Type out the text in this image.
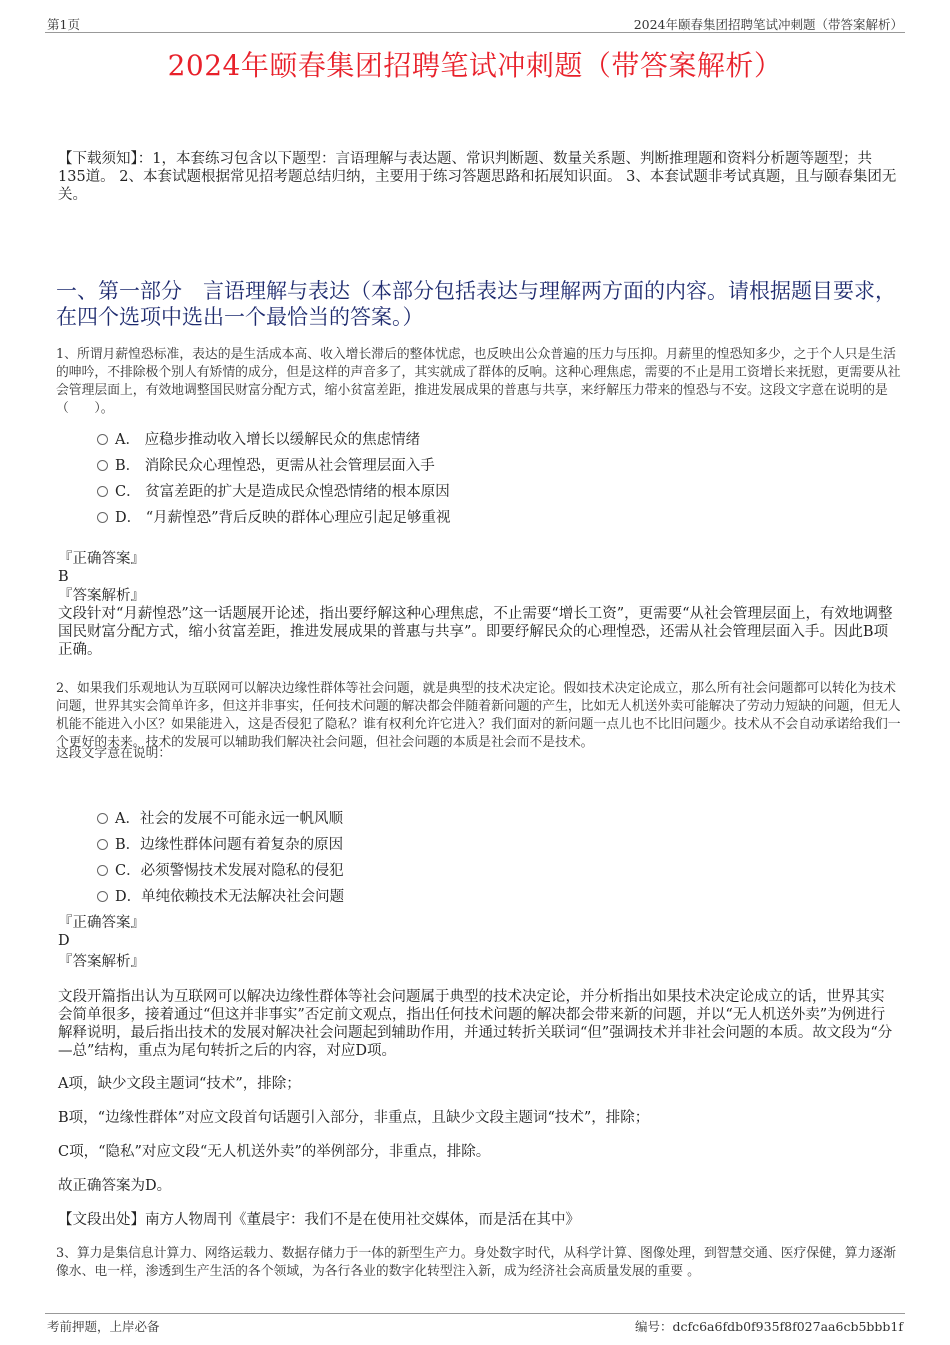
第1页	2024年颐春集团招聘笔试冲刺题（带答案解析）
2024年颐春集团招聘笔试冲刺题（带答案解析）
【下载须知】：1，本套练习包含以下题型：言语理解与表达题、常识判断题、数量关系题、判断推理题和资料分析题等题型；共135道。 2、本套试题根据常见招考题总结归纳，主要用于练习答题思路和拓展知识面。 3、本套试题非考试真题，且与颐春集团无关。
一、第一部分　言语理解与表达（本部分包括表达与理解两方面的内容。请根据题目要求，在四个选项中选出一个最恰当的答案。）
1、所谓月薪惶恐标准，表达的是生活成本高、收入增长滞后的整体忧虑，也反映出公众普遍的压力与压抑。月薪里的惶恐知多少，之于个人只是生活的呻吟，不排除极个别人有矫情的成分，但是这样的声音多了，其实就成了群体的反响。这种心理焦虑，需要的不止是用工资增长来抚慰，更需要从社会管理层面上，有效地调整国民财富分配方式，缩小贫富差距，推进发展成果的普惠与共享，来纾解压力带来的惶恐与不安。这段文字意在说明的是（　　）。
A． 应稳步推动收入增长以缓解民众的焦虑情绪
B． 消除民众心理惶恐，更需从社会管理层面入手
C． 贫富差距的扩大是造成民众惶恐情绪的根本原因
D． “月薪惶恐”背后反映的群体心理应引起足够重视
『正确答案』
B
『答案解析』
文段针对“月薪惶恐”这一话题展开论述，指出要纾解这种心理焦虑，不止需要“增长工资”，更需要“从社会管理层面上，有效地调整国民财富分配方式，缩小贫富差距，推进发展成果的普惠与共享”。即要纾解民众的心理惶恐，还需从社会管理层面入手。因此B项正确。
2、如果我们乐观地认为互联网可以解决边缘性群体等社会问题，就是典型的技术决定论。假如技术决定论成立，那么所有社会问题都可以转化为技术问题，世界其实会简单许多，但这并非事实，任何技术问题的解决都会伴随着新问题的产生，比如无人机送外卖可能解决了劳动力短缺的问题，但无人机能不能进入小区？如果能进入，这是否侵犯了隐私？谁有权利允许它进入？我们面对的新问题一点儿也不比旧问题少。技术从不会自动承诺给我们一个更好的未来。技术的发展可以辅助我们解决社会问题，但社会问题的本质是社会而不是技术。
这段文字意在说明：
A．社会的发展不可能永远一帆风顺
B．边缘性群体问题有着复杂的原因
C．必须警惕技术发展对隐私的侵犯
D．单纯依赖技术无法解决社会问题
『正确答案』
D
『答案解析』
文段开篇指出认为互联网可以解决边缘性群体等社会问题属于典型的技术决定论，并分析指出如果技术决定论成立的话，世界其实会简单很多，接着通过“但这并非事实”否定前文观点，指出任何技术问题的解决都会带来新的问题，并以“无人机送外卖”为例进行解释说明，最后指出技术的发展对解决社会问题起到辅助作用，并通过转折关联词“但”强调技术并非社会问题的本质。故文段为“分—总”结构，重点为尾句转折之后的内容，对应D项。
A项，缺少文段主题词“技术”，排除；
B项，“边缘性群体”对应文段首句话题引入部分，非重点，且缺少文段主题词“技术”，排除；
C项，“隐私”对应文段“无人机送外卖”的举例部分，非重点，排除。
故正确答案为D。
【文段出处】南方人物周刊《董晨宇：我们不是在使用社交媒体，而是活在其中》
3、算力是集信息计算力、网络运载力、数据存储力于一体的新型生产力。身处数字时代，从科学计算、图像处理，到智慧交通、医疗保健，算力逐渐像水、电一样，渗透到生产生活的各个领域，为各行各业的数字化转型注入新，成为经济社会高质量发展的重要 。
考前押题，上岸必备	编号：dcfc6a6fdb0f935f8f027aa6cb5bbb1f
